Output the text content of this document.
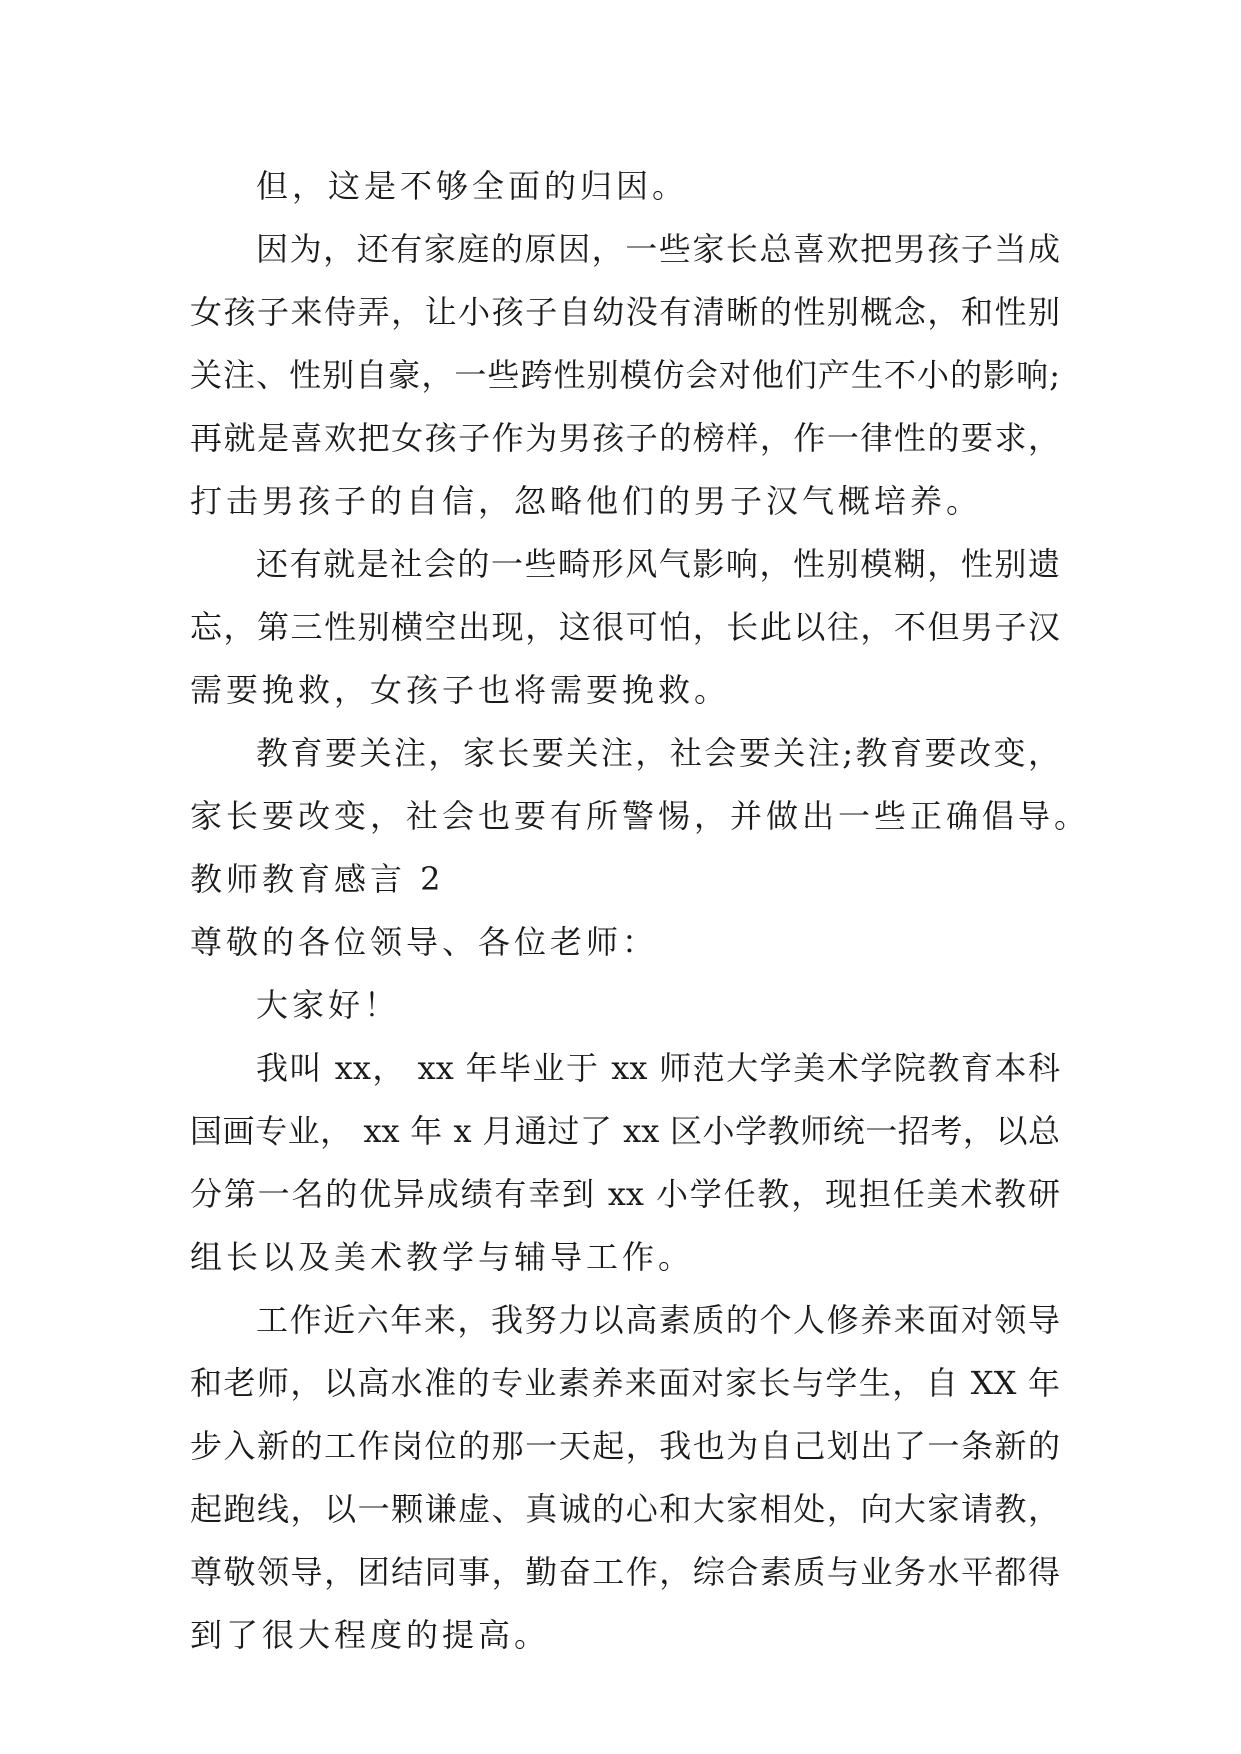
但，这是不够全面的归因。
因为，还有家庭的原因，一些家长总喜欢把男孩子当成
女孩子来侍弄，让小孩子自幼没有清晰的性别概念，和性别
关注、性别自豪，一些跨性别模仿会对他们产生不小的影响;
再就是喜欢把女孩子作为男孩子的榜样，作一律性的要求，
打击男孩子的自信，忽略他们的男子汉气概培养。
还有就是社会的一些畸形风气影响，性别模糊，性别遗
忘，第三性别横空出现，这很可怕，长此以往，不但男子汉
需要挽救，女孩子也将需要挽救。
教育要关注，家长要关注，社会要关注;教育要改变，
家长要改变，社会也要有所警惕，并做出一些正确倡导。
教师教育感言 2
尊敬的各位领导、各位老师：
大家好！
我叫 xx， xx 年毕业于 xx 师范大学美术学院教育本科
国画专业， xx 年 x 月通过了 xx 区小学教师统一招考，以总
分第一名的优异成绩有幸到 xx 小学任教，现担任美术教研
组长以及美术教学与辅导工作。
工作近六年来，我努力以高素质的个人修养来面对领导
和老师，以高水准的专业素养来面对家长与学生，自 XX 年
步入新的工作岗位的那一天起，我也为自己划出了一条新的
起跑线，以一颗谦虚、真诚的心和大家相处，向大家请教，
尊敬领导，团结同事，勤奋工作，综合素质与业务水平都得
到了很大程度的提高。
